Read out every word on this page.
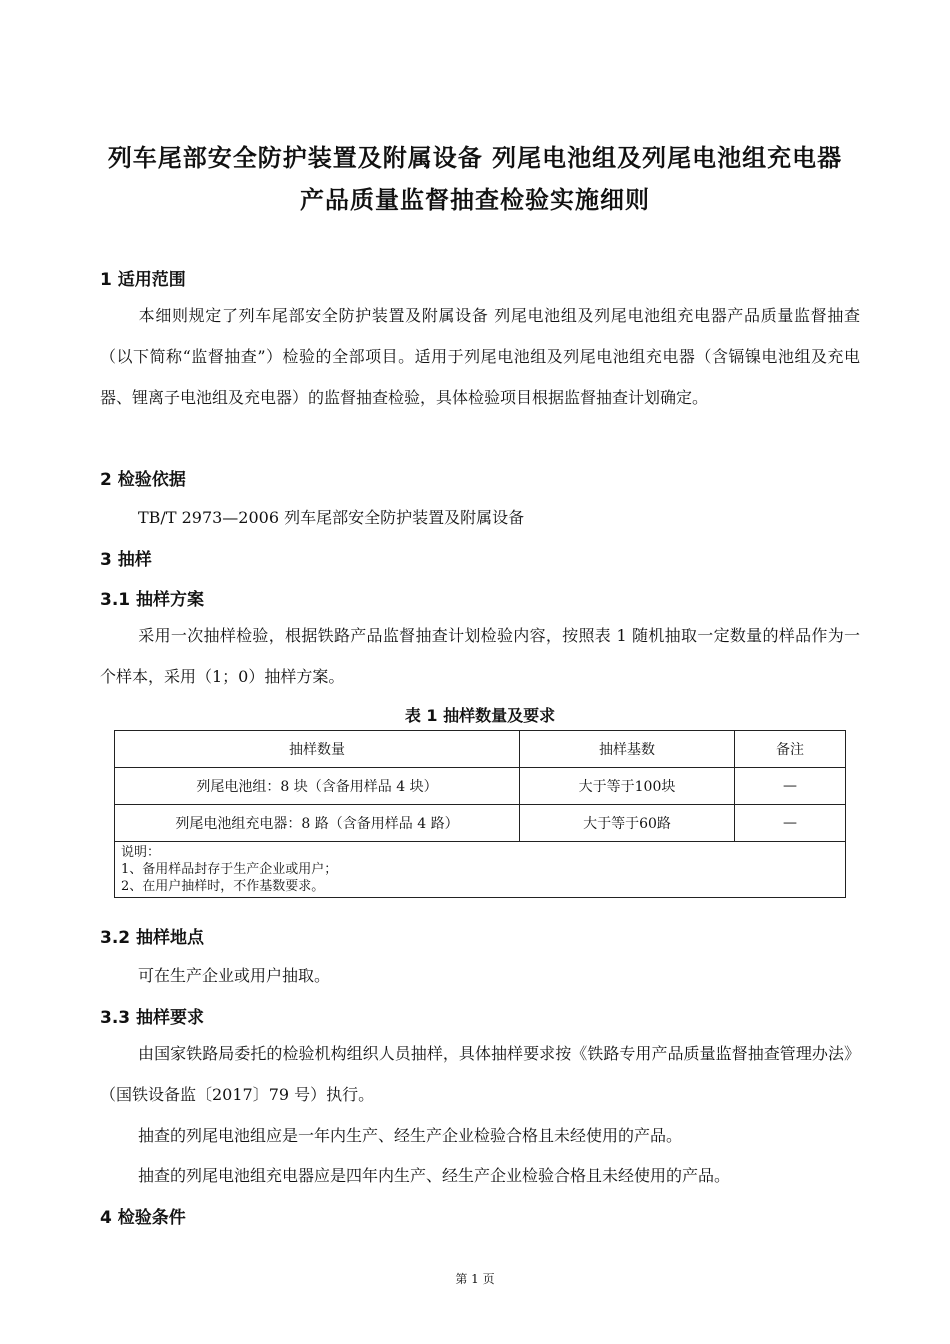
列车尾部安全防护装置及附属设备 列尾电池组及列尾电池组充电器
产品质量监督抽查检验实施细则
1 适用范围
本细则规定了列车尾部安全防护装置及附属设备 列尾电池组及列尾电池组充电器产品质量监督抽查（以下简称“监督抽查”）检验的全部项目。适用于列尾电池组及列尾电池组充电器（含镉镍电池组及充电器、锂离子电池组及充电器）的监督抽查检验，具体检验项目根据监督抽查计划确定。
2 检验依据
TB/T 2973—2006 列车尾部安全防护装置及附属设备
3 抽样
3.1 抽样方案
采用一次抽样检验，根据铁路产品监督抽查计划检验内容，按照表 1 随机抽取一定数量的样品作为一个样本，采用（1；0）抽样方案。
表 1 抽样数量及要求
抽样数量	抽样基数	备注
列尾电池组：8 块（含备用样品 4 块）	大于等于100块	—
列尾电池组充电器：8 路（含备用样品 4 路）	大于等于60路	—

说明：
1、备用样品封存于生产企业或用户；
2、在用户抽样时，不作基数要求。		
3.2 抽样地点
可在生产企业或用户抽取。
3.3 抽样要求
由国家铁路局委托的检验机构组织人员抽样，具体抽样要求按《铁路专用产品质量监督抽查管理办法》（国铁设备监〔2017〕79 号）执行。
抽查的列尾电池组应是一年内生产、经生产企业检验合格且未经使用的产品。
抽查的列尾电池组充电器应是四年内生产、经生产企业检验合格且未经使用的产品。
4 检验条件
第 1 页
